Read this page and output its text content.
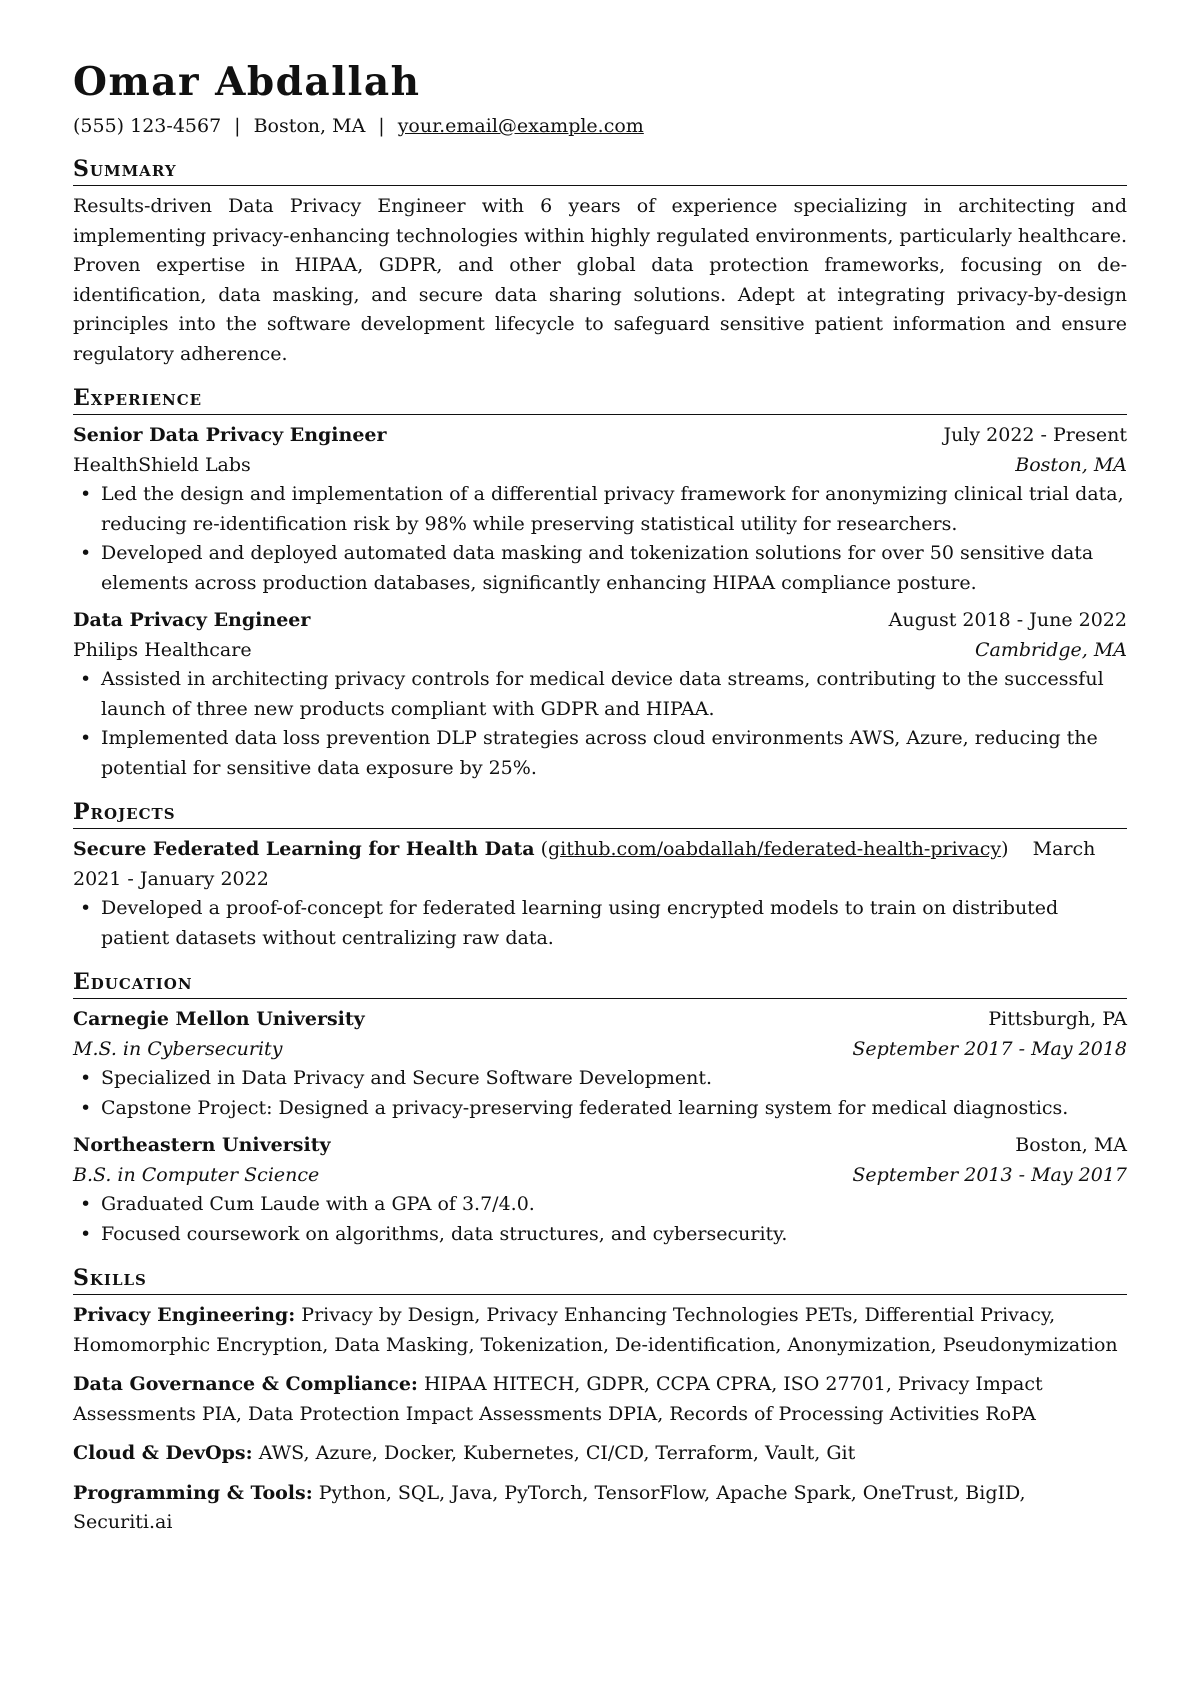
Omar Abdallah
(555) 123-4567 | Boston, MA | your.email@example.com
Summary
Results-driven Data Privacy Engineer with 6 years of experience specializing in architecting and implementing privacy-enhancing technologies within highly regulated environments, particularly healthcare. Proven expertise in HIPAA, GDPR, and other global data protection frameworks, focusing on de-identification, data masking, and secure data sharing solutions. Adept at integrating privacy-by-design principles into the software development lifecycle to safeguard sensitive patient information and ensure regulatory adherence.
Experience
Senior Data Privacy Engineer	July 2022 - Present
HealthShield Labs	Boston, MA
• Led the design and implementation of a differential privacy framework for anonymizing clinical trial data, reducing re-identification risk by 98% while preserving statistical utility for researchers.
• Developed and deployed automated data masking and tokenization solutions for over 50 sensitive data elements across production databases, significantly enhancing HIPAA compliance posture.
Data Privacy Engineer	August 2018 - June 2022
Philips Healthcare	Cambridge, MA
• Assisted in architecting privacy controls for medical device data streams, contributing to the successful launch of three new products compliant with GDPR and HIPAA.
• Implemented data loss prevention DLP strategies across cloud environments AWS, Azure, reducing the potential for sensitive data exposure by 25%.
Projects
Secure Federated Learning for Health Data (github.com/oabdallah/federated-health-privacy)    March 2021 - January 2022
• Developed a proof-of-concept for federated learning using encrypted models to train on distributed patient datasets without centralizing raw data.
Education
Carnegie Mellon University	Pittsburgh, PA
M.S. in Cybersecurity	September 2017 - May 2018
• Specialized in Data Privacy and Secure Software Development.
• Capstone Project: Designed a privacy-preserving federated learning system for medical diagnostics.
Northeastern University	Boston, MA
B.S. in Computer Science	September 2013 - May 2017
• Graduated Cum Laude with a GPA of 3.7/4.0.
• Focused coursework on algorithms, data structures, and cybersecurity.
Skills
Privacy Engineering: Privacy by Design, Privacy Enhancing Technologies PETs, Differential Privacy, Homomorphic Encryption, Data Masking, Tokenization, De-identification, Anonymization, Pseudonymization
Data Governance & Compliance: HIPAA HITECH, GDPR, CCPA CPRA, ISO 27701, Privacy Impact Assessments PIA, Data Protection Impact Assessments DPIA, Records of Processing Activities RoPA
Cloud & DevOps: AWS, Azure, Docker, Kubernetes, CI/CD, Terraform, Vault, Git
Programming & Tools: Python, SQL, Java, PyTorch, TensorFlow, Apache Spark, OneTrust, BigID, Securiti.ai
